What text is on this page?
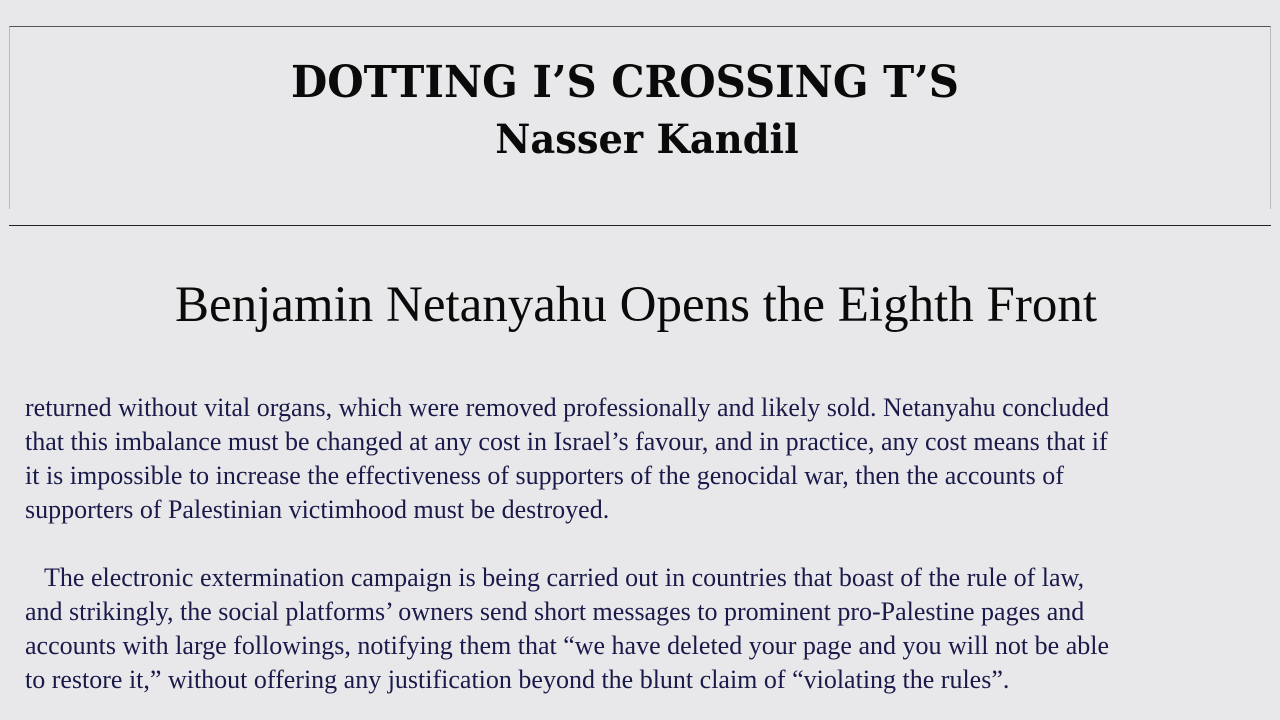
DOTTING I’S CROSSING T’S
Nasser Kandil
Benjamin Netanyahu Opens the Eighth Front
returned without vital organs, which were removed professionally and likely sold. Netanyahu concluded
that this imbalance must be changed at any cost in Israel’s favour, and in practice, any cost means that if
it is impossible to increase the effectiveness of supporters of the genocidal war, then the accounts of
supporters of Palestinian victimhood must be destroyed.
The electronic extermination campaign is being carried out in countries that boast of the rule of law,
and strikingly, the social platforms’ owners send short messages to prominent pro-Palestine pages and
accounts with large followings, notifying them that “we have deleted your page and you will not be able
to restore it,” without offering any justification beyond the blunt claim of “violating the rules”.
